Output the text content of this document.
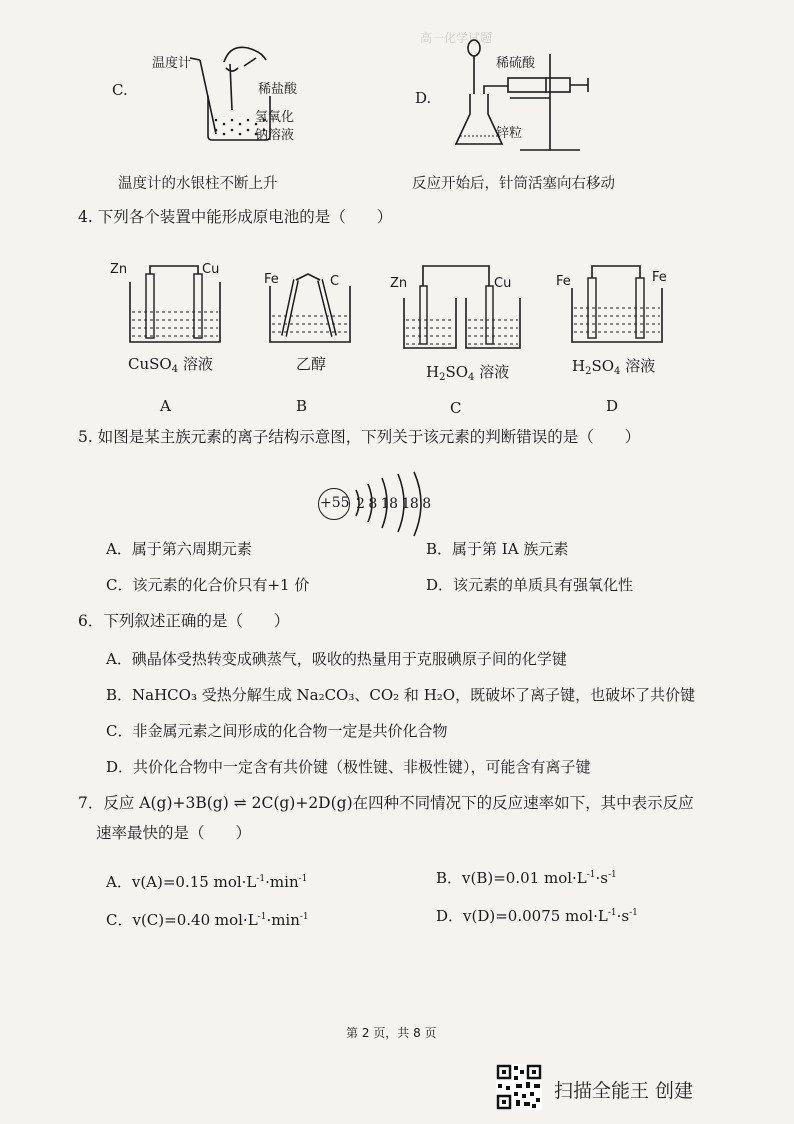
高一化学试题
C.
温度计
稀盐酸
氢氧化
钠溶液
温度计的水银柱不断上升
D.
稀硫酸
锌粒
反应开始后，针筒活塞向右移动
4. 下列各个装置中能形成原电池的是（　　）
Zn	Cu
CuSO$_4$ 溶液
A
Fe	C
乙醇
B
Zn	Cu
$H_2SO_4$ 溶液
C
Fe	Fe
$H_2SO_4$ 溶液
D
5. 如图是某主族元素的离子结构示意图，下列关于该元素的判断错误的是（　　）
+55 2 8 18 18 8
A．属于第六周期元素	B．属于第 IA 族元素
C．该元素的化合价只有+1 价	D．该元素的单质具有强氧化性
6．下列叙述正确的是（　　）
A．碘晶体受热转变成碘蒸气，吸收的热量用于克服碘原子间的化学键
B．NaHCO₃ 受热分解生成 Na₂CO₃、CO₂ 和 H₂O，既破坏了离子键，也破坏了共价键
C．非金属元素之间形成的化合物一定是共价化合物
D．共价化合物中一定含有共价键（极性键、非极性键），可能含有离子键
7．反应 A(g)+3B(g) ⇌ 2C(g)+2D(g)在四种不同情况下的反应速率如下，其中表示反应
速率最快的是（　　）
A．v(A)=0.15 $mol\cdot L^{-1}\cdot\min^{-1}$	B．v(B)=0.01 $mol\cdot L^{-1}\cdot s^{-1}$
C．v(C)=0.40 $mol\cdot L^{-1}\cdot\min^{-1}$	D．v(D)=0.0075 $mol\cdot L^{-1}\cdot s^{-1}$
第 2 页，共 8 页
扫描全能王 创建
